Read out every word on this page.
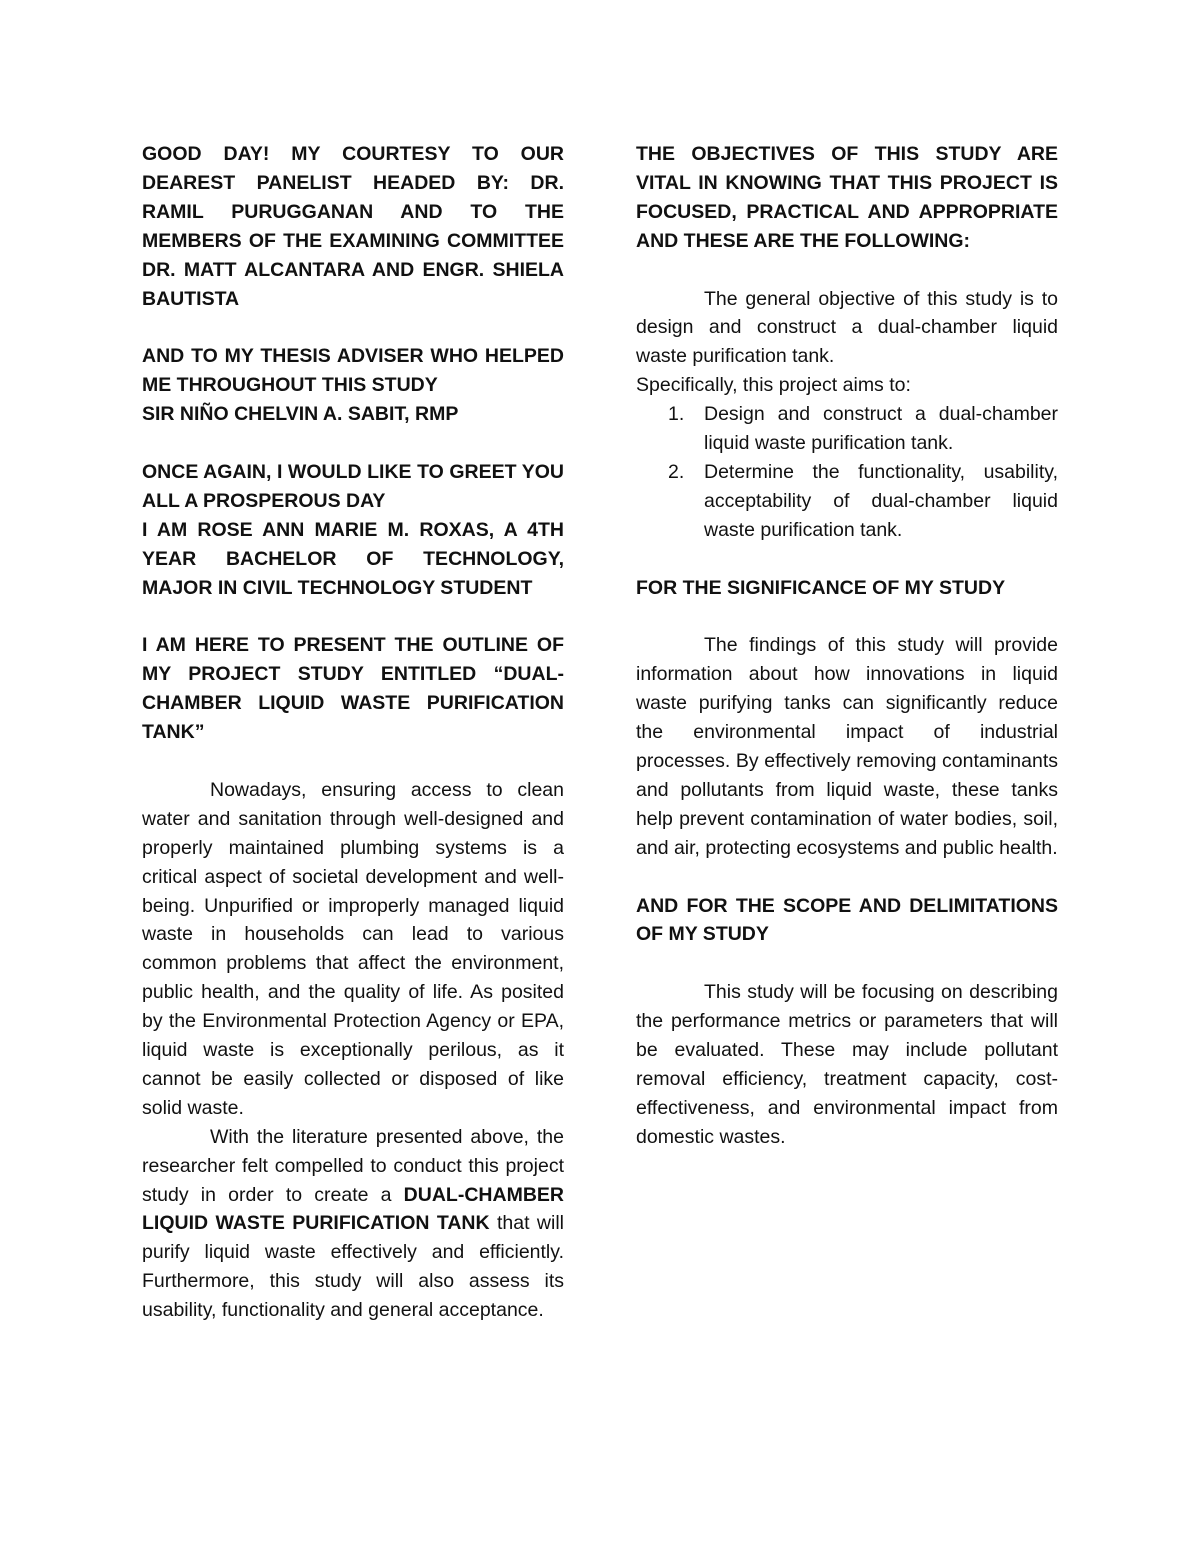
GOOD DAY! MY COURTESY TO OUR DEAREST PANELIST HEADED BY: DR. RAMIL PURUGGANAN AND TO THE MEMBERS OF THE EXAMINING COMMITTEE DR. MATT ALCANTARA AND ENGR. SHIELA BAUTISTA

AND TO MY THESIS ADVISER WHO HELPED ME THROUGHOUT THIS STUDY

SIR NIÑO CHELVIN A. SABIT, RMP

ONCE AGAIN, I WOULD LIKE TO GREET YOU ALL A PROSPEROUS DAY

I AM ROSE ANN MARIE M. ROXAS, A 4TH YEAR BACHELOR OF TECHNOLOGY, MAJOR IN CIVIL TECHNOLOGY STUDENT

I AM HERE TO PRESENT THE OUTLINE OF MY PROJECT STUDY ENTITLED “DUAL-CHAMBER LIQUID WASTE PURIFICATION TANK”

Nowadays, ensuring access to clean water and sanitation through well-designed and properly maintained plumbing systems is a critical aspect of societal development and well-being. Unpurified or improperly managed liquid waste in households can lead to various common problems that affect the environment, public health, and the quality of life. As posited by the Environmental Protection Agency or EPA, liquid waste is exceptionally perilous, as it cannot be easily collected or disposed of like solid waste.

With the literature presented above, the researcher felt compelled to conduct this project study in order to create a DUAL-CHAMBER LIQUID WASTE PURIFICATION TANK that will purify liquid waste effectively and efficiently. Furthermore, this study will also assess its usability, functionality and general acceptance.

THE OBJECTIVES OF THIS STUDY ARE VITAL IN KNOWING THAT THIS PROJECT IS FOCUSED, PRACTICAL AND APPROPRIATE AND THESE ARE THE FOLLOWING:

The general objective of this study is to design and construct a dual-chamber liquid waste purification tank.

Specifically, this project aims to:

1.	Design and construct a dual-chamber liquid waste purification tank.
2.	Determine the functionality, usability, acceptability of dual-chamber liquid waste purification tank.

FOR THE SIGNIFICANCE OF MY STUDY

The findings of this study will provide information about how innovations in liquid waste purifying tanks can significantly reduce the environmental impact of industrial processes. By effectively removing contaminants and pollutants from liquid waste, these tanks help prevent contamination of water bodies, soil, and air, protecting ecosystems and public health.

AND FOR THE SCOPE AND DELIMITATIONS OF MY STUDY

This study will be focusing on describing the performance metrics or parameters that will be evaluated. These may include pollutant removal efficiency, treatment capacity, cost-effectiveness, and environmental impact from domestic wastes.
